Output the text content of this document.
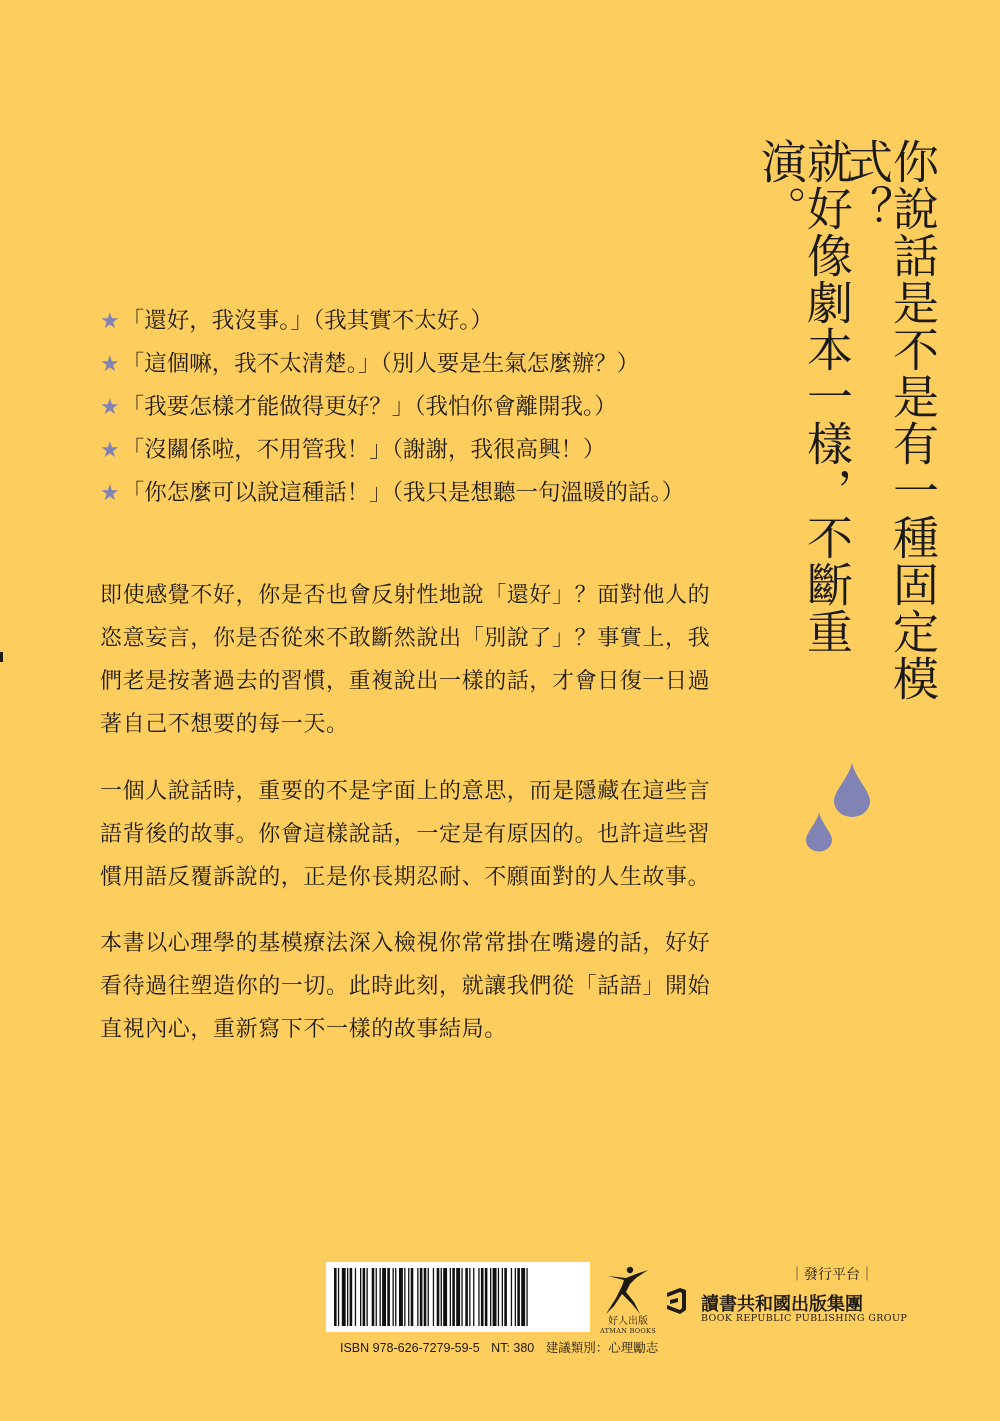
你說話是不是有一種固定模式？
就好像劇本一樣，不斷重演。
★「還好，我沒事。」（我其實不太好。）
★「這個嘛，我不太清楚。」（別人要是生氣怎麼辦？）
★「我要怎樣才能做得更好？」（我怕你會離開我。）
★「沒關係啦，不用管我！」（謝謝，我很高興！）
★「你怎麼可以說這種話！」（我只是想聽一句溫暖的話。）

即使感覺不好，你是否也會反射性地說「還好」？面對他人的恣意妄言，你是否從來不敢斷然說出「別說了」？事實上，我們老是按著過去的習慣，重複說出一樣的話，才會日復一日過著自己不想要的每一天。

一個人說話時，重要的不是字面上的意思，而是隱藏在這些言語背後的故事。你會這樣說話，一定是有原因的。也許這些習慣用語反覆訴說的，正是你長期忍耐、不願面對的人生故事。

本書以心理學的基模療法深入檢視你常常掛在嘴邊的話，好好看待過往塑造你的一切。此時此刻，就讓我們從「話語」開始直視內心，重新寫下不一樣的故事結局。

ISBN 978-626-7279-59-5 NT: 380 建議類別：心理勵志
好人出版
ATMAN BOOKS
｜發行平台｜
讀書共和國出版集團
BOOK REPUBLIC PUBLISHING GROUP
